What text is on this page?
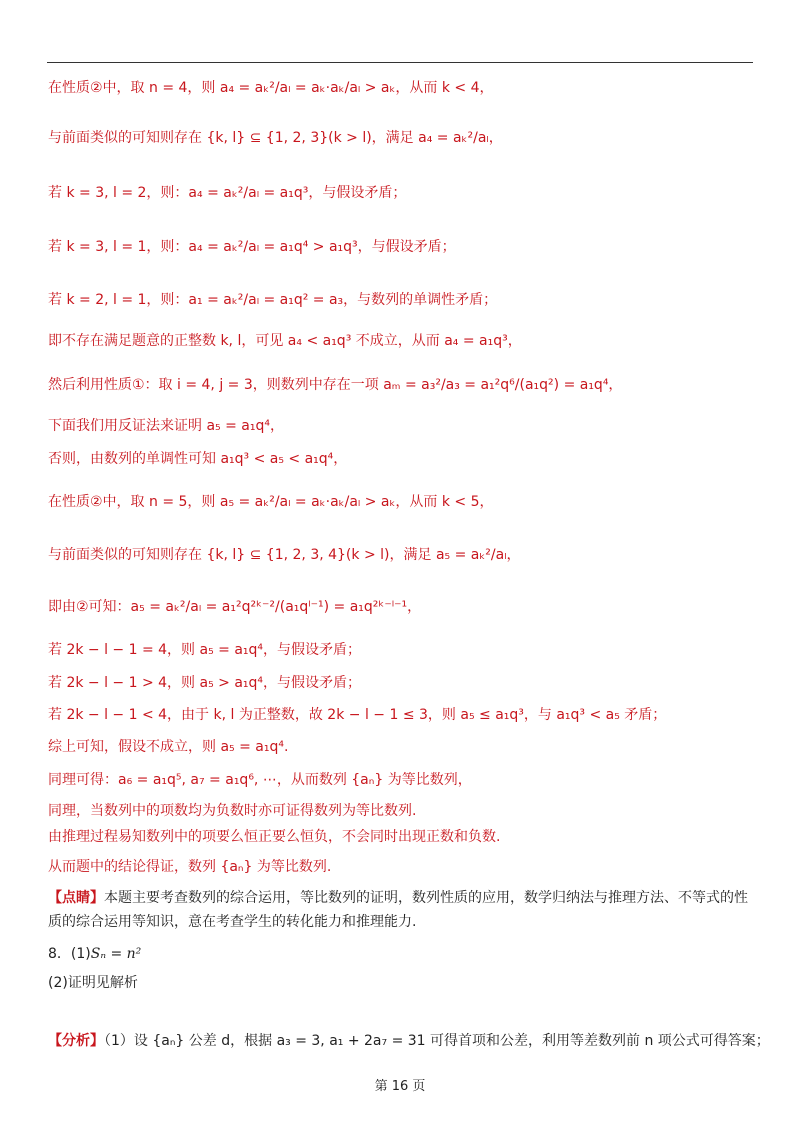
在性质②中，取 n = 4，则 a₄ = aₖ²/aₗ = aₖ·aₖ/aₗ > aₖ，从而 k < 4，
与前面类似的可知则存在 {k, l} ⊆ {1, 2, 3}(k > l)，满足 a₄ = aₖ²/aₗ，
若 k = 3, l = 2，则：a₄ = aₖ²/aₗ = a₁q³，与假设矛盾；
若 k = 3, l = 1，则：a₄ = aₖ²/aₗ = a₁q⁴ > a₁q³，与假设矛盾；
若 k = 2, l = 1，则：a₁ = aₖ²/aₗ = a₁q² = a₃，与数列的单调性矛盾；
即不存在满足题意的正整数 k, l，可见 a₄ < a₁q³ 不成立，从而 a₄ = a₁q³，
然后利用性质①：取 i = 4, j = 3，则数列中存在一项 aₘ = a₃²/a₃ = a₁²q⁶/(a₁q²) = a₁q⁴，
下面我们用反证法来证明 a₅ = a₁q⁴，
否则，由数列的单调性可知 a₁q³ < a₅ < a₁q⁴，
在性质②中，取 n = 5，则 a₅ = aₖ²/aₗ = aₖ·aₖ/aₗ > aₖ，从而 k < 5，
与前面类似的可知则存在 {k, l} ⊆ {1, 2, 3, 4}(k > l)，满足 a₅ = aₖ²/aₗ，
即由②可知：a₅ = aₖ²/aₗ = a₁²q²ᵏ⁻²/(a₁qˡ⁻¹) = a₁q²ᵏ⁻ˡ⁻¹，
若 2k − l − 1 = 4，则 a₅ = a₁q⁴，与假设矛盾；
若 2k − l − 1 > 4，则 a₅ > a₁q⁴，与假设矛盾；
若 2k − l − 1 < 4，由于 k, l 为正整数，故 2k − l − 1 ≤ 3，则 a₅ ≤ a₁q³，与 a₁q³ < a₅ 矛盾；
综上可知，假设不成立，则 a₅ = a₁q⁴.
同理可得：a₆ = a₁q⁵, a₇ = a₁q⁶, ⋯，从而数列 {aₙ} 为等比数列，
同理，当数列中的项数均为负数时亦可证得数列为等比数列.
由推理过程易知数列中的项要么恒正要么恒负，不会同时出现正数和负数.
从而题中的结论得证，数列 {aₙ} 为等比数列.
【点睛】本题主要考查数列的综合运用，等比数列的证明，数列性质的应用，数学归纳法与推理方法、不等式的性质的综合运用等知识，意在考查学生的转化能力和推理能力.
8．(1)Sₙ = n²
(2)证明见解析
【分析】（1）设 {aₙ} 公差 d，根据 a₃ = 3, a₁ + 2a₇ = 31 可得首项和公差，利用等差数列前 n 项公式可得答案；
第 16 页
